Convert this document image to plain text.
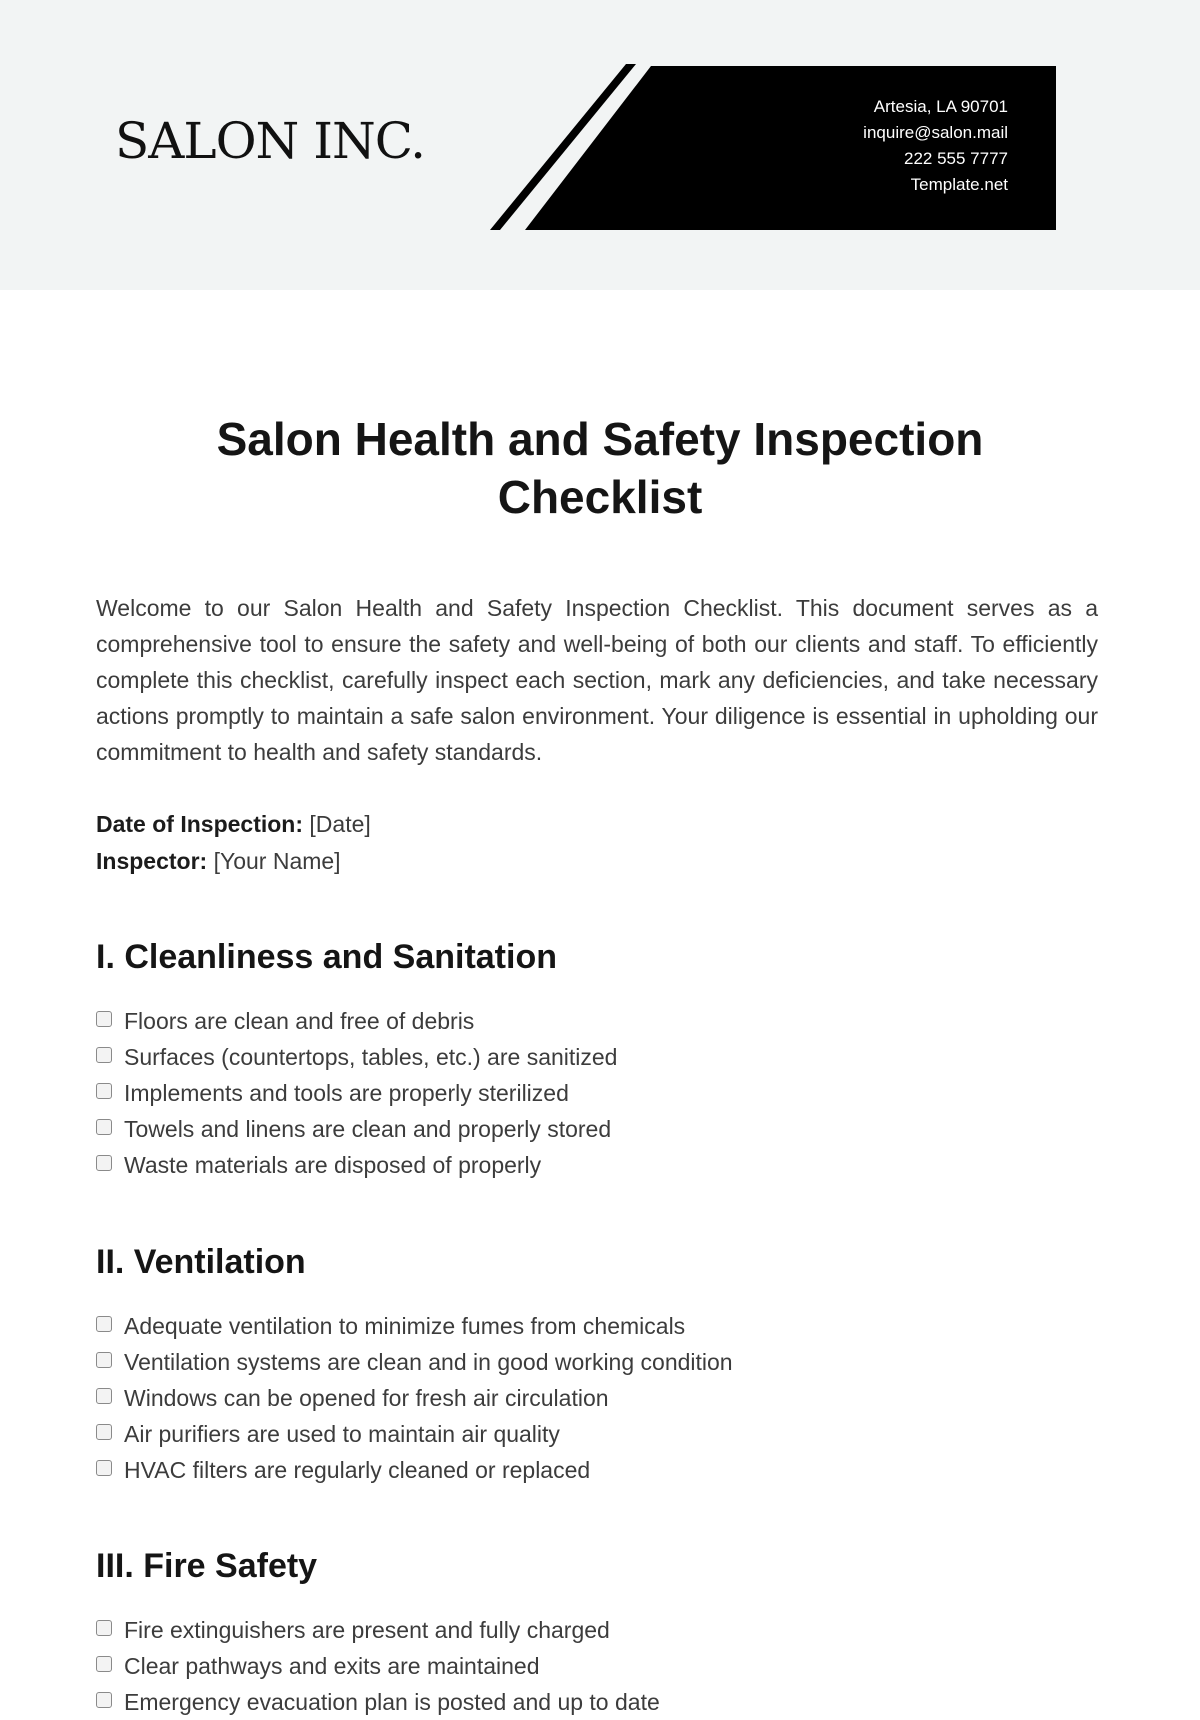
SALON INC.
Artesia, LA 90701
inquire@salon.mail
222 555 7777
Template.net
Salon Health and Safety Inspection Checklist

Welcome to our Salon Health and Safety Inspection Checklist. This document serves as a comprehensive tool to ensure the safety and well-being of both our clients and staff. To efficiently complete this checklist, carefully inspect each section, mark any deficiencies, and take necessary actions promptly to maintain a safe salon environment. Your diligence is essential in upholding our commitment to health and safety standards.

Date of Inspection: [Date]
Inspector: [Your Name]
I. Cleanliness and Sanitation
Floors are clean and free of debris
Surfaces (countertops, tables, etc.) are sanitized
Implements and tools are properly sterilized
Towels and linens are clean and properly stored
Waste materials are disposed of properly
II. Ventilation
Adequate ventilation to minimize fumes from chemicals
Ventilation systems are clean and in good working condition
Windows can be opened for fresh air circulation
Air purifiers are used to maintain air quality
HVAC filters are regularly cleaned or replaced
III. Fire Safety
Fire extinguishers are present and fully charged
Clear pathways and exits are maintained
Emergency evacuation plan is posted and up to date
